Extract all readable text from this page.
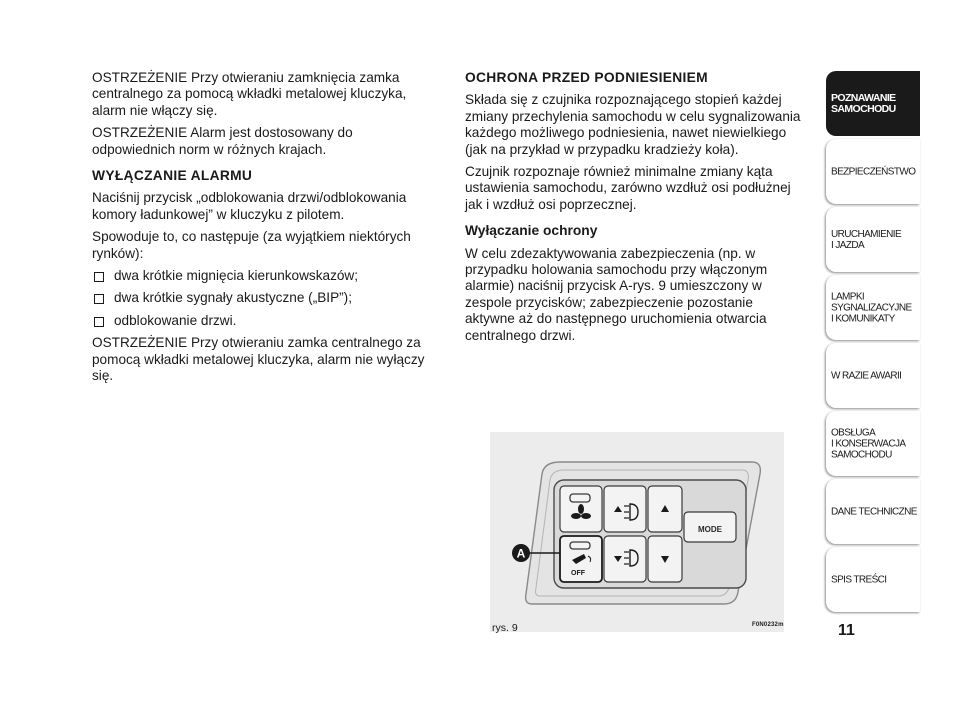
OSTRZEŻENIE Przy otwieraniu zamknięcia zamka centralnego za pomocą wkładki metalowej kluczyka, alarm nie włączy się.

OSTRZEŻENIE Alarm jest dostosowany do odpowiednich norm w różnych krajach.

WYŁĄCZANIE ALARMU

Naciśnij przycisk „odblokowania drzwi/odblokowania komory ładunkowej” w kluczyku z pilotem.

Spowoduje to, co następuje (za wyjątkiem niektórych rynków):

dwa krótkie mignięcia kierunkowskazów;
dwa krótkie sygnały akustyczne („BIP”);
odblokowanie drzwi.

OSTRZEŻENIE Przy otwieraniu zamka centralnego za pomocą wkładki metalowej kluczyka, alarm nie wyłączy się.

OCHRONA PRZED PODNIESIENIEM

Składa się z czujnika rozpoznającego stopień każdej zmiany przechylenia samochodu w celu sygnalizowania każdego możliwego podniesienia, nawet niewielkiego (jak na przykład w przypadku kradzieży koła).

Czujnik rozpoznaje również minimalne zmiany kąta ustawienia samochodu, zarówno wzdłuż osi podłużnej jak i wzdłuż osi poprzecznej.

Wyłączanie ochrony

W celu zdezaktywowania zabezpieczenia (np. w przypadku holowania samochodu przy włączonym alarmie) naciśnij przycisk A-rys. 9 umieszczony w zespole przycisków; zabezpieczenie pozostanie aktywne aż do następnego uruchomienia otwarcia centralnego drzwi.

MODE
OFF
A
rys. 9	F0N0232m
POZNAWANIE
SAMOCHODU
BEZPIECZEŃSTWO
URUCHAMIENIE
I JAZDA
LAMPKI
SYGNALIZACYJNE
I KOMUNIKATY
W RAZIE AWARII
OBSŁUGA
I KONSERWACJA
SAMOCHODU
DANE TECHNICZNE
SPIS TREŚCI
11
